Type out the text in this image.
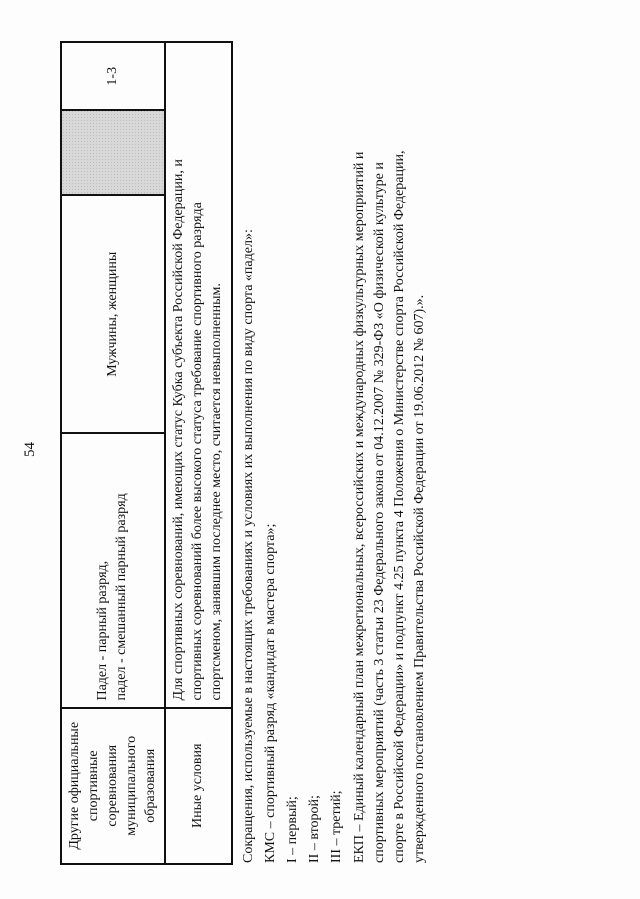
54
Другие официальные спортивные соревнования муниципального образования	Падел - парный разряд, падел - смешанный парный разряд	Мужчины, женщины		1-3
Иные условия	Для спортивных соревнований, имеющих статус Кубка субъекта Российской Федерации, и спортивных соревнований более высокого статуса требование спортивного разряда спортсменом, занявшим последнее место, считается невыполненным.			Сокращения, используемые в настоящих требованиях и условиях их выполнения по виду спорта «падел»: КМС – спортивный разряд «кандидат в мастера спорта»; I – первый; II – второй; III – третий; ЕКП – Единый календарный план межрегиональных, всероссийских и международных физкультурных мероприятий и спортивных мероприятий (часть 3 статьи 23 Федерального закона от 04.12.2007 № 329-ФЗ «О физической культуре и спорте в Российской Федерации» и подпункт 4.25 пункта 4 Положения о Министерстве спорта Российской Федерации, утвержденного постановлением Правительства Российской Федерации от 19.06.2012 № 607).».
